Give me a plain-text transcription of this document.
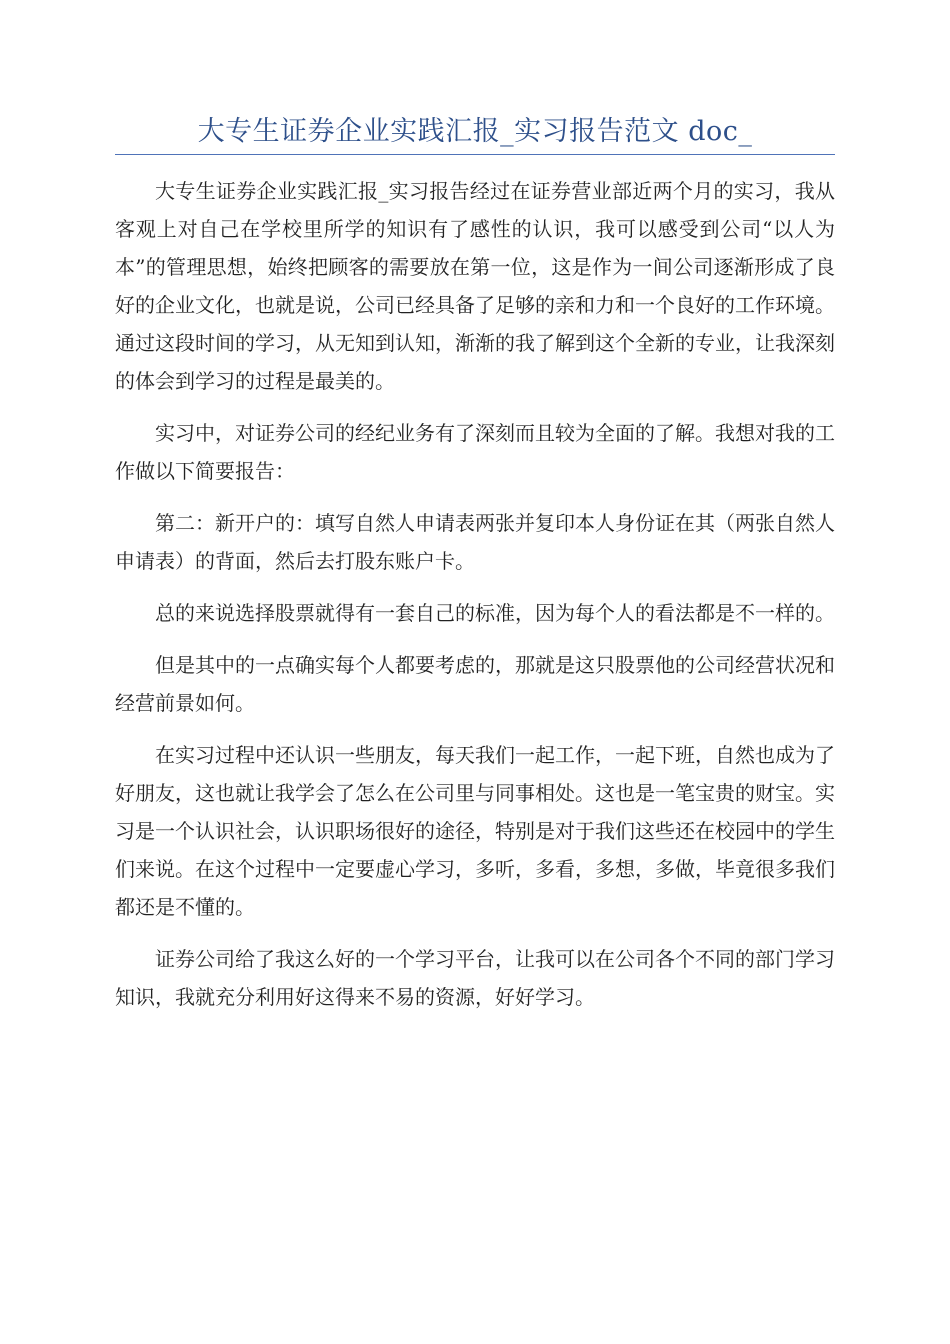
大专生证券企业实践汇报_实习报告范文 doc_

大专生证券企业实践汇报_实习报告经过在证券营业部近两个月的实习，我从客观上对自己在学校里所学的知识有了感性的认识，我可以感受到公司“以人为本”的管理思想，始终把顾客的需要放在第一位，这是作为一间公司逐渐形成了良好的企业文化，也就是说，公司已经具备了足够的亲和力和一个良好的工作环境。通过这段时间的学习，从无知到认知，渐渐的我了解到这个全新的专业，让我深刻的体会到学习的过程是最美的。

实习中，对证券公司的经纪业务有了深刻而且较为全面的了解。我想对我的工作做以下简要报告：

第二：新开户的：填写自然人申请表两张并复印本人身份证在其（两张自然人申请表）的背面，然后去打股东账户卡。

总的来说选择股票就得有一套自己的标准，因为每个人的看法都是不一样的。

但是其中的一点确实每个人都要考虑的，那就是这只股票他的公司经营状况和经营前景如何。

在实习过程中还认识一些朋友，每天我们一起工作，一起下班，自然也成为了好朋友，这也就让我学会了怎么在公司里与同事相处。这也是一笔宝贵的财宝。实习是一个认识社会，认识职场很好的途径，特别是对于我们这些还在校园中的学生们来说。在这个过程中一定要虚心学习，多听，多看，多想，多做，毕竟很多我们都还是不懂的。

证券公司给了我这么好的一个学习平台，让我可以在公司各个不同的部门学习知识，我就充分利用好这得来不易的资源，好好学习。
